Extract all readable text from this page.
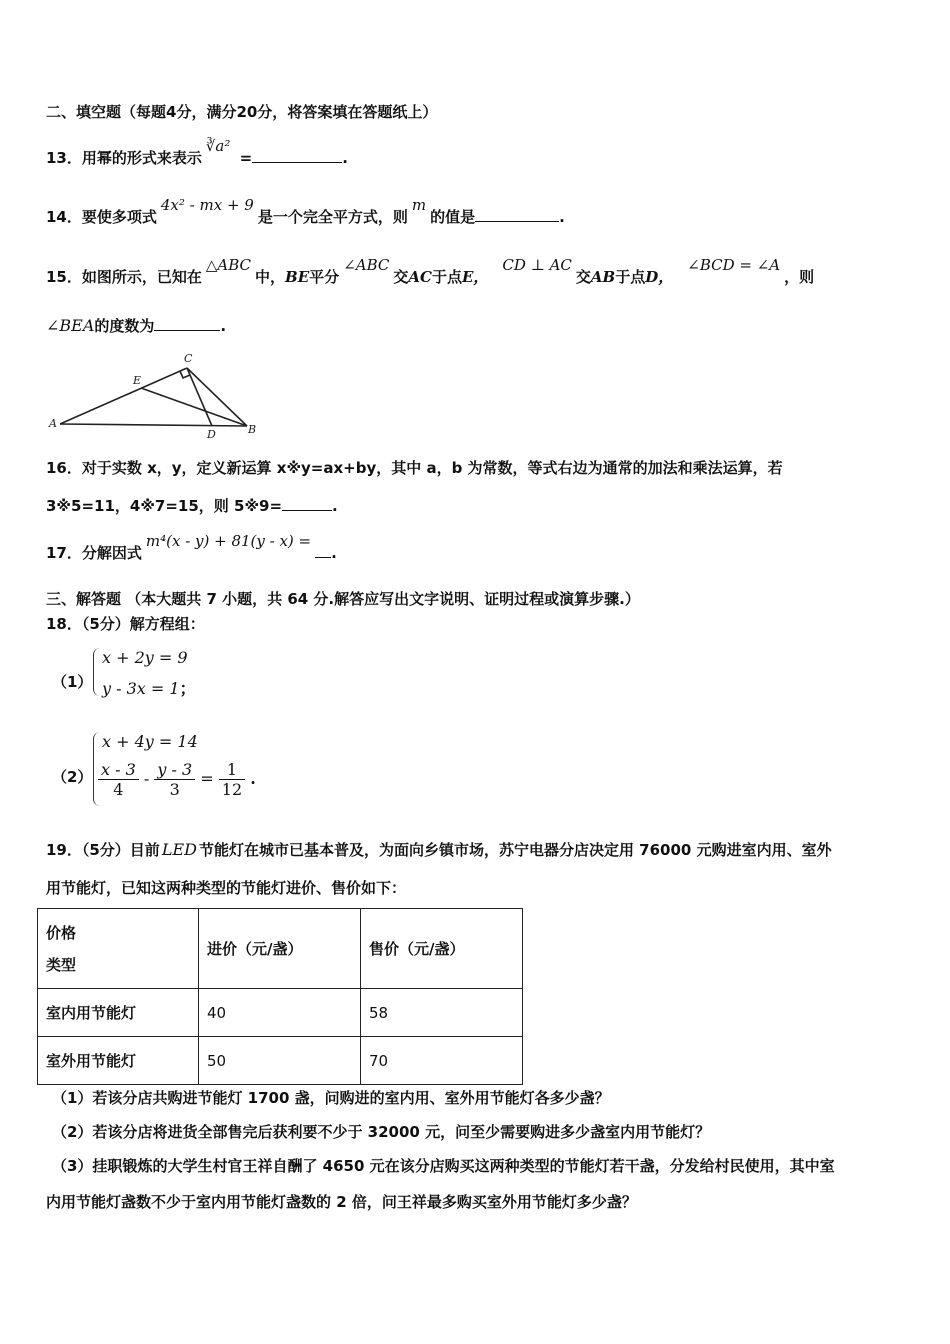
二、填空题（每题4分，满分20分，将答案填在答题纸上）
13．用幂的形式来表示∛a² =	.
14．要使多项式4x² - mx + 9是一个完全平方式，则m的值是	.
15．如图所示，已知在△ABC中，BE平分∠ABC交AC于点E，CD ⊥ AC交AB于点D，∠BCD = ∠A，则
∠BEA的度数为	.
A	B
C
D
E
16．对于实数 x，y，定义新运算 x※y=ax+by，其中 a，b 为常数，等式右边为通常的加法和乘法运算，若
3※5=11，4※7=15，则 5※9=	.
17．分解因式m⁴(x - y) + 81(y - x) =.
三、解答题 （本大题共 7 小题，共 64 分.解答应写出文字说明、证明过程或演算步骤.）
18．（5分）解方程组：
（1）
x + 2y = 9
y - 3x = 1；
（2）
x + 4y = 14
$\frac{x - 3}{4} - \frac{y - 3}{3} = \frac{1}{12}$ .
19．（5分）目前 LED 节能灯在城市已基本普及，为面向乡镇市场，苏宁电器分店决定用 76000 元购进室内用、室外
用节能灯，已知这两种类型的节能灯进价、售价如下：
价格
类型	进价（元/盏）	售价（元/盏）
室内用节能灯	40	58
室外用节能灯	50	70
（1）若该分店共购进节能灯 1700 盏，问购进的室内用、室外用节能灯各多少盏？
（2）若该分店将进货全部售完后获利要不少于 32000 元，问至少需要购进多少盏室内用节能灯？
（3）挂职锻炼的大学生村官王祥自酬了 4650 元在该分店购买这两种类型的节能灯若干盏，分发给村民使用，其中室
内用节能灯盏数不少于室内用节能灯盏数的 2 倍，问王祥最多购买室外用节能灯多少盏？
